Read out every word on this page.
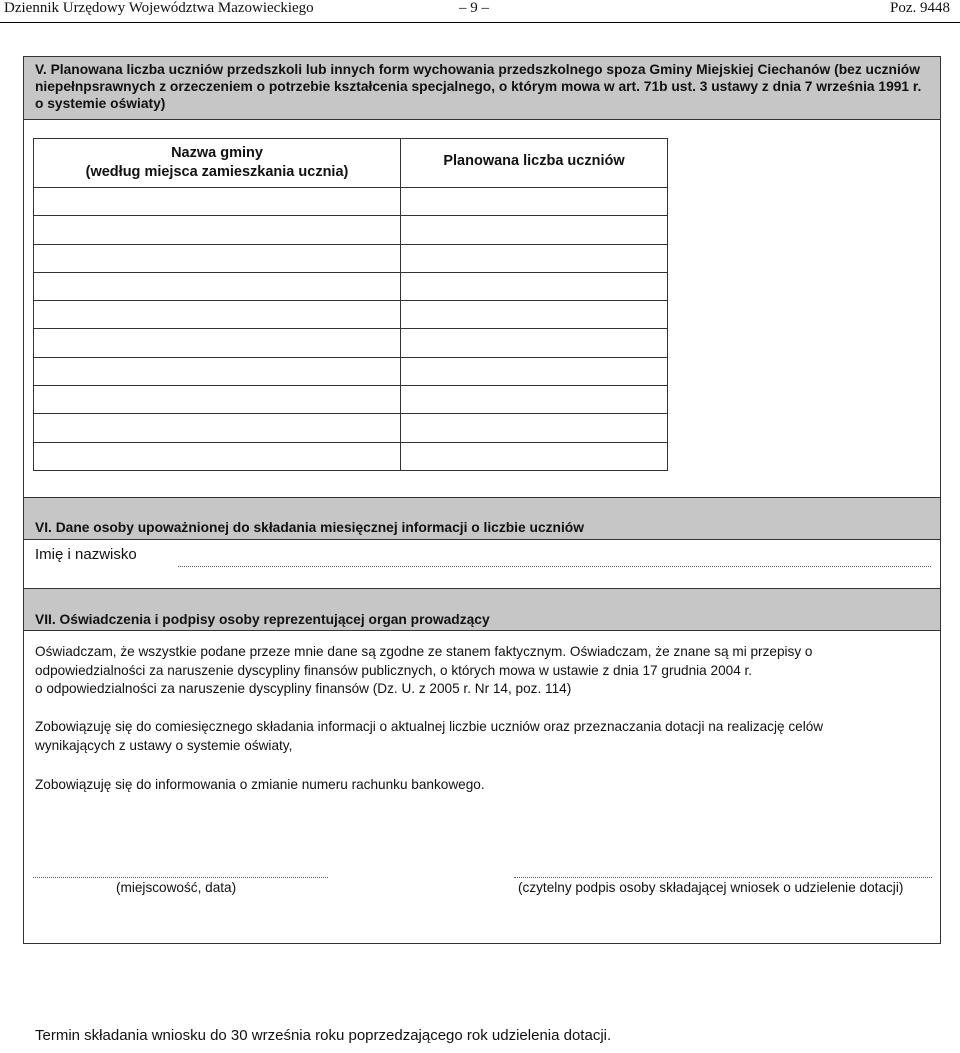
Dziennik Urzędowy Województwa Mazowieckiego	– 9 –	Poz. 9448
V. Planowana liczba uczniów przedszkoli lub innych form wychowania przedszkolnego spoza Gminy Miejskiej Ciechanów (bez uczniów niepełnpsrawnych z orzeczeniem o potrzebie kształcenia specjalnego, o którym mowa w art. 71b ust. 3 ustawy z dnia 7 września 1991 r. o systemie oświaty)
Nazwa gminy
(według miejsca zamieszkania ucznia)	Planowana liczba uczniów

VI. Dane osoby upoważnionej do składania miesięcznej informacji o liczbie uczniów
Imię i nazwisko
VII. Oświadczenia i podpisy osoby reprezentującej organ prowadzący
Oświadczam, że wszystkie podane przeze mnie dane są zgodne ze stanem faktycznym. Oświadczam, że znane są mi przepisy o
odpowiedzialności za naruszenie dyscypliny finansów publicznych, o których mowa w ustawie z dnia 17 grudnia 2004 r.
o odpowiedzialności za naruszenie dyscypliny finansów (Dz. U. z 2005 r. Nr 14, poz. 114)
Zobowiązuję się do comiesięcznego składania informacji o aktualnej liczbie uczniów oraz przeznaczania dotacji na realizację celów
wynikających z ustawy o systemie oświaty,
Zobowiązuję się do informowania o zmianie numeru rachunku bankowego.
(miejscowość, data)	(czytelny podpis osoby składającej wniosek o udzielenie dotacji)
Termin składania wniosku do 30 września roku poprzedzającego rok udzielenia dotacji.
